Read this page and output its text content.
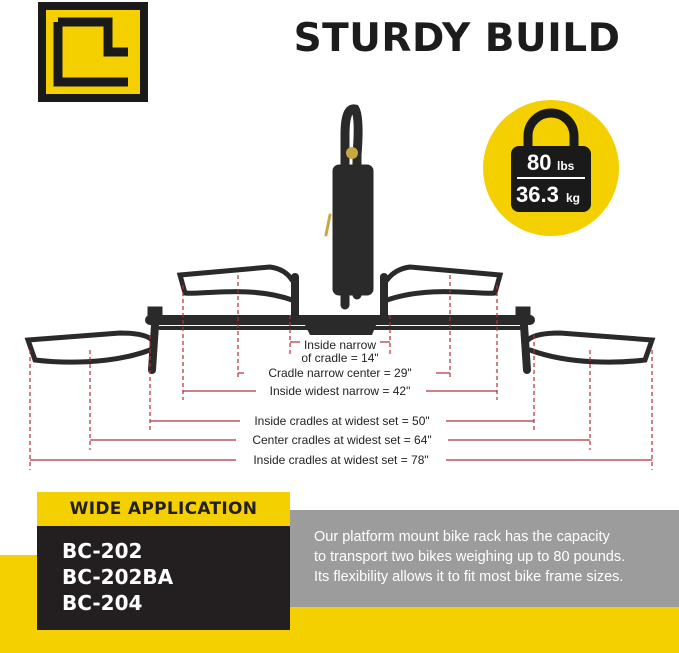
STURDY BUILD
80 lbs
36.3 kg
Inside narrow
of cradle = 14"
Cradle narrow center = 29"
Inside widest narrow = 42"
Inside cradles at widest set = 50"
Center cradles at widest set = 64"
Inside cradles at widest set = 78"
WIDE APPLICATION
BC-202
BC-202BA
BC-204
Our platform mount bike rack has the capacity
to transport two bikes weighing up to 80 pounds.
Its flexibility allows it to fit most bike frame sizes.
